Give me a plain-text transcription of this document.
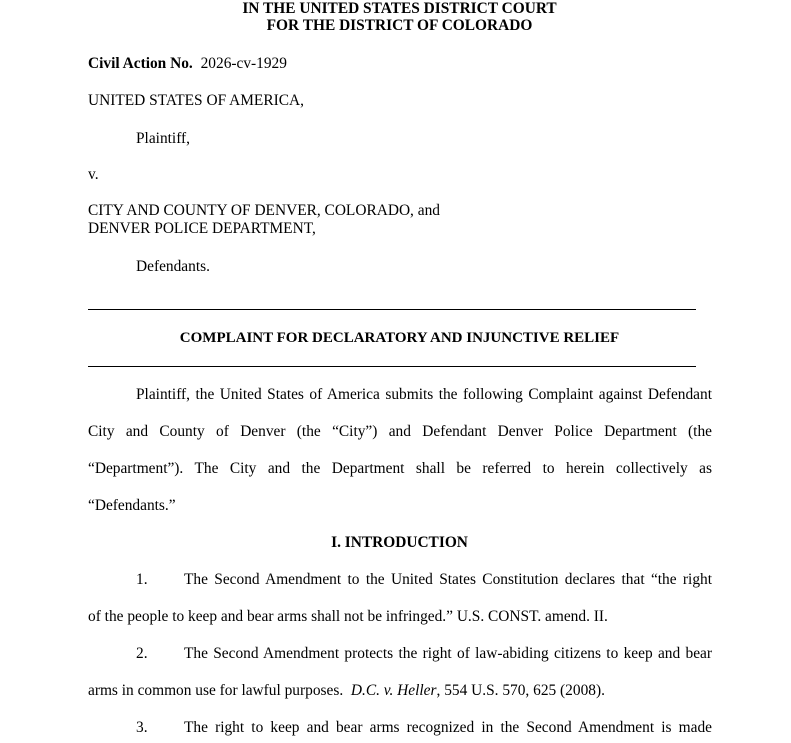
IN THE UNITED STATES DISTRICT COURT
FOR THE DISTRICT OF COLORADO
Civil Action No. 2026-cv-1929
UNITED STATES OF AMERICA,
Plaintiff,
v.
CITY AND COUNTY OF DENVER, COLORADO, and
DENVER POLICE DEPARTMENT,
Defendants.
COMPLAINT FOR DECLARATORY AND INJUNCTIVE RELIEF
Plaintiff, the United States of America submits the following Complaint against Defendant
City and County of Denver (the “City”) and Defendant Denver Police Department (the
“Department”). The City and the Department shall be referred to herein collectively as
“Defendants.”
I. INTRODUCTION
1. The Second Amendment to the United States Constitution declares that “the right
of the people to keep and bear arms shall not be infringed.” U.S. CONST. amend. II.
2. The Second Amendment protects the right of law-abiding citizens to keep and bear
arms in common use for lawful purposes.  D.C. v. Heller, 554 U.S. 570, 625 (2008).
3. The right to keep and bear arms recognized in the Second Amendment is made
